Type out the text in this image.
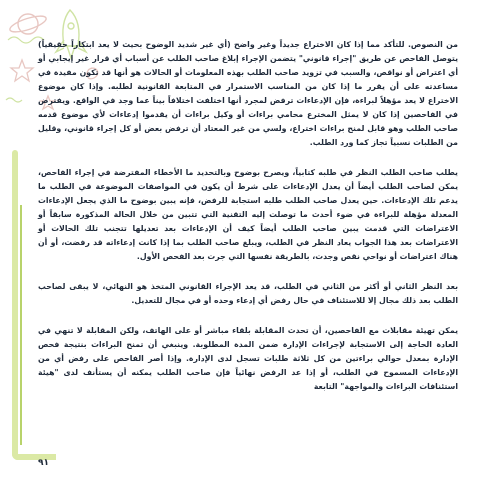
من النصوص. للتأكد مما إذا كان الاختراع جديداً وغير واضح (أي غير شديد الوضوح بحيث لا يعد ابتكاراً حقيقياً) يتوصل الفاحص عن طريق "إجراء قانوني" يتضمن الإجراء إبلاغ صاحب الطلب عن أسباب أي قرار غير إيجابي أو أي اعتراض أو نواقص، والسبب في تزويد صاحب الطلب بهذه المعلومات أو الحالات هو أنها قد تكون مفيدة في مساعدته على أن يقرر ما إذا كان من المناسب الاستمرار في المتابعة القانونية لطلبه. وإذا كان موضوع الاختراع لا يعد مؤهلاً لبراءة، فإن الإدعاءات ترفض لمجرد أنها اختلفت اختلافاً بيناً عما وجد في الواقع. ويفترض في الفاحصين إذا كان لا يمثل المخترع محامي براءات أو وكيل براءات أن يقدموا إدعاءات لأي موضوع قدمه صاحب الطلب وهو قابل لمنح براءات اختراع، ولسي من غير المعتاد أن ترفض بعض أو كل إجراء قانوني، وقليل من الطلبات نسبياً تجاز كما ورد الطلب.

يطلب صاحب الطلب النظر في طلبه كتابياً، ويصرح بوضوح وبالتحديد ما الأخطاء المفترضة في إجراء الفاحص، يمكن لصاحب الطلب أيضاً أن يعدل الإدعاءات على شرط أن يكون في المواصفات الموضوعة في الطلب ما يدعم تلك الإدعاءات. حين يعدل صاحب الطلب طلبه استجابة للرفض، فإنه يبين بوضوح ما الذي يجعل الإدعاءات المعدلة مؤهلة للبراءة في ضوء أحدث ما توصلت إليه التقنية التي تتبين من خلال الحالة المذكورة سابقاً أو الاعتراضات التي قدمت يبين صاحب الطلب أيضاً كيف أن الإدعاءات بعد تعديلها تتجنب تلك الحالات أو الاعتراضات بعد هذا الجواب يعاد النظر في الطلب، ويبلغ صاحب الطلب بما إذا كانت إدعاءاته قد رفضت، أو أن هناك اعتراضات أو نواحي نقص وجدت، بالطريقة نفسها التي جرت بعد الفحص الأول.

بعد النظر الثاني أو أكثر من الثاني في الطلب، قد يعد الإجراء القانوني المتخذ هو النهائي، لا يبقى لصاحب الطلب بعد ذلك مجال إلا للاستئناف في حال رفض أي إدعاء وحده أو في مجال للتعديل.

يمكن تهيئة مقابلات مع الفاحصين، أن تحدث المقابلة بلقاء مباشر أو على الهاتف، ولكن المقابلة لا تنهي في العادة الحاجة إلى الاستجابة لإجراءات الإدارة ضمن المدة المطلوبة. وينبغي أن تمنح البراءات بنتيجة فحص الإدارة بمعدل حوالي براءتين من كل ثلاثة طلبات تسجل لدى الإدارة. وإذا أصر الفاحص على رفض أي من الإدعاءات المسموح في الطلب، أو إذا عد الرفض نهائياً فإن صاحب الطلب يمكنه أن يستأنف لدى "هيئة استئنافات البراءات والمواجهة" التابعة

٩١
